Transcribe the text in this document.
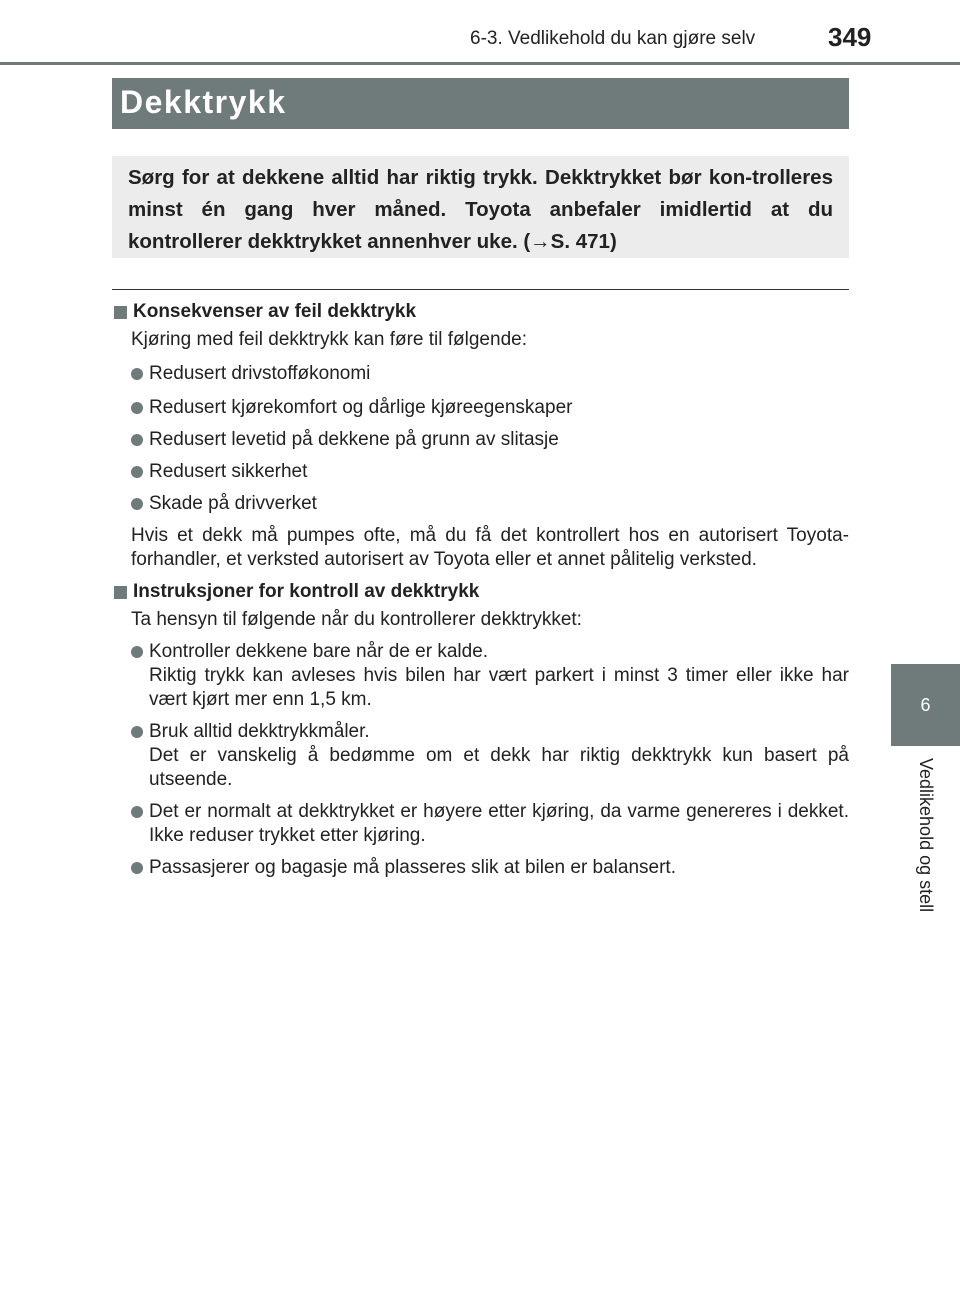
6-3. Vedlikehold du kan gjøre selv	349
6
Vedlikehold og stell
Dekktrykk
Sørg for at dekkene alltid har riktig trykk. Dekktrykket bør kon-trolleres minst én gang hver måned. Toyota anbefaler imidlertid at du kontrollerer dekktrykket annenhver uke. (→S. 471)
Konsekvenser av feil dekktrykk
Kjøring med feil dekktrykk kan føre til følgende:
Redusert drivstofføkonomi
Redusert kjørekomfort og dårlige kjøreegenskaper
Redusert levetid på dekkene på grunn av slitasje
Redusert sikkerhet
Skade på drivverket
Hvis et dekk må pumpes ofte, må du få det kontrollert hos en autorisert Toyota-forhandler, et verksted autorisert av Toyota eller et annet pålitelig verksted.
Instruksjoner for kontroll av dekktrykk
Ta hensyn til følgende når du kontrollerer dekktrykket:
Kontroller dekkene bare når de er kalde.
Riktig trykk kan avleses hvis bilen har vært parkert i minst 3 timer eller ikke har vært kjørt mer enn 1,5 km.
Bruk alltid dekktrykkmåler.
Det er vanskelig å bedømme om et dekk har riktig dekktrykk kun basert på utseende.
Det er normalt at dekktrykket er høyere etter kjøring, da varme genereres i dekket. Ikke reduser trykket etter kjøring.
Passasjerer og bagasje må plasseres slik at bilen er balansert.
